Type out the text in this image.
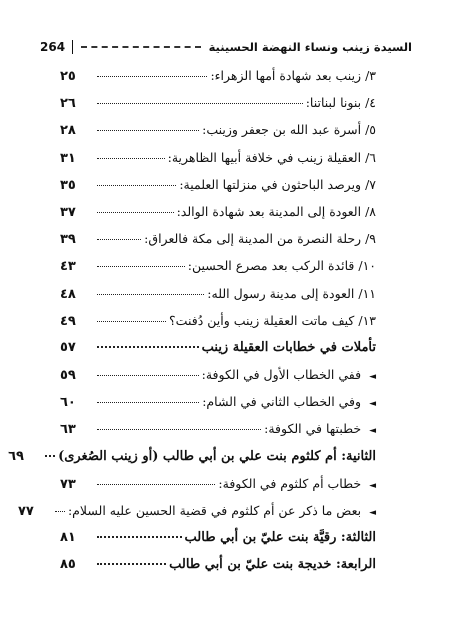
264	السيدة زينب ونساء النهضة الحسينية
٣/ زينب بعد شهادة أمها الزهراء:
٢٥
٤/ بنونا لبناتنا:
٢٦
٥/ أسرة عبد الله بن جعفر وزينب:
٢٨
٦/ العقيلة زينب في خلافة أبيها الظاهرية:
٣١
٧/ ويرصد الباحثون في منزلتها العلمية:
٣٥
٨/ العودة إلى المدينة بعد شهادة الوالد:
٣٧
٩/ رحلة النصرة من المدينة إلى مكة فالعراق:
٣٩
١٠/ قائدة الركب بعد مصرع الحسين:
٤٣
١١/ العودة إلى مدينة رسول الله:
٤٨
١٣/ كيف ماتت العقيلة زينب وأين دُفنت؟
٤٩
تأملات في خطابات العقيلة زينب
٥٧
◄ ففي الخطاب الأول في الكوفة:
٥٩
◄ وفي الخطاب الثاني في الشام:
٦٠
◄ خطبتها في الكوفة:
٦٣
الثانية: أم كلثوم بنت علي بن أبي طالب (أو زينب الصُغرى)
٦٩
◄ خطاب أم كلثوم في الكوفة:
٧٣
◄ بعض ما ذكر عن أم كلثوم في قضية الحسين عليه السلام:
٧٧
الثالثة: رقيَّة بنت عليّ بن أبي طالب
٨١
الرابعة: خديجة بنت عليّ بن أبي طالب
٨٥
